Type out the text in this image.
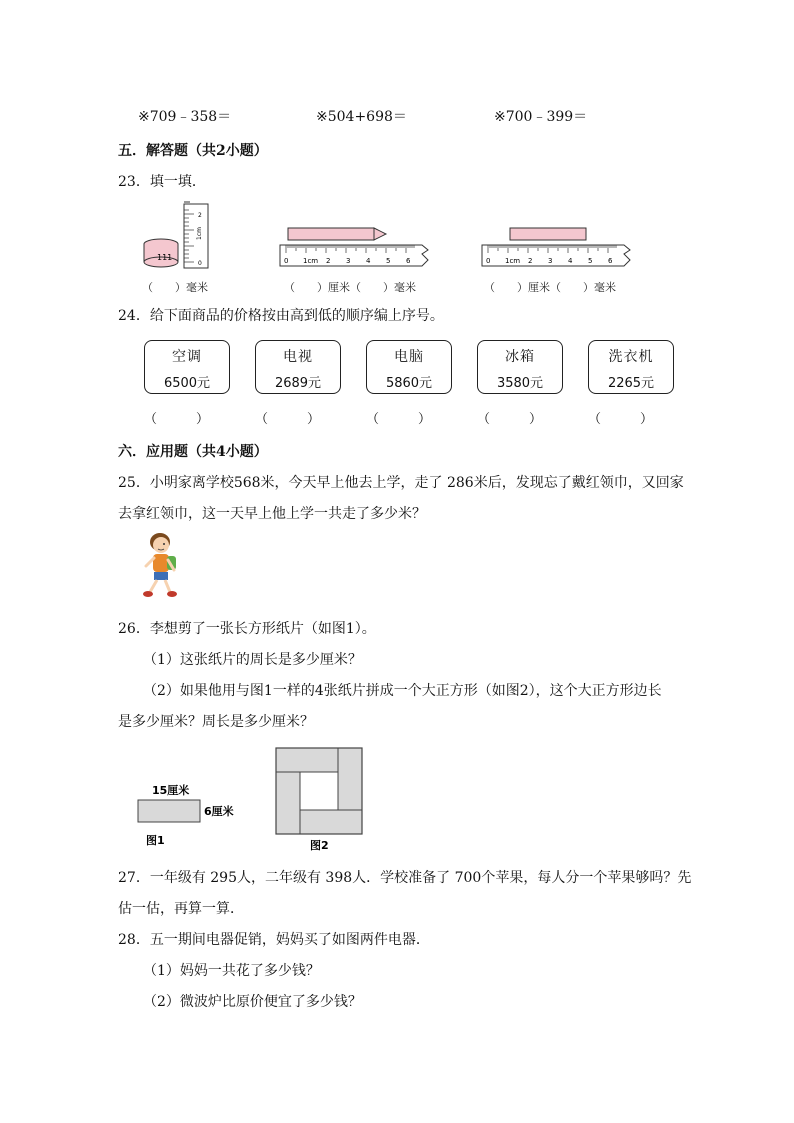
※709﹣358＝	※504+698＝	※700﹣399＝
五．解答题（共2小题）
23．填一填．
111
0
1cm
2
（　　）毫米
0 1cm 2 3 4 5 6
（　　）厘米（　　）毫米
0 1cm 2 3 4 5 6
（　　）厘米（　　）毫米
24．给下面商品的价格按由高到低的顺序编上序号。
空调
6500元
电视
2689元
电脑
5860元
冰箱
3580元
洗衣机
2265元
（　　　）	（　　　）	（　　　）	（　　　）	（　　　）
六．应用题（共4小题）
25．小明家离学校568米，今天早上他去上学，走了 286米后，发现忘了戴红领巾，又回家
去拿红领巾，这一天早上他上学一共走了多少米？
26．李想剪了一张长方形纸片（如图1）。
（1）这张纸片的周长是多少厘米？
（2）如果他用与图1一样的4张纸片拼成一个大正方形（如图2），这个大正方形边长
是多少厘米？周长是多少厘米？
15厘米
6厘米
图1	图2
27．一年级有 295人，二年级有 398人．学校准备了 700个苹果，每人分一个苹果够吗？先
估一估，再算一算．
28．五一期间电器促销，妈妈买了如图两件电器．
（1）妈妈一共花了多少钱？
（2）微波炉比原价便宜了多少钱？
